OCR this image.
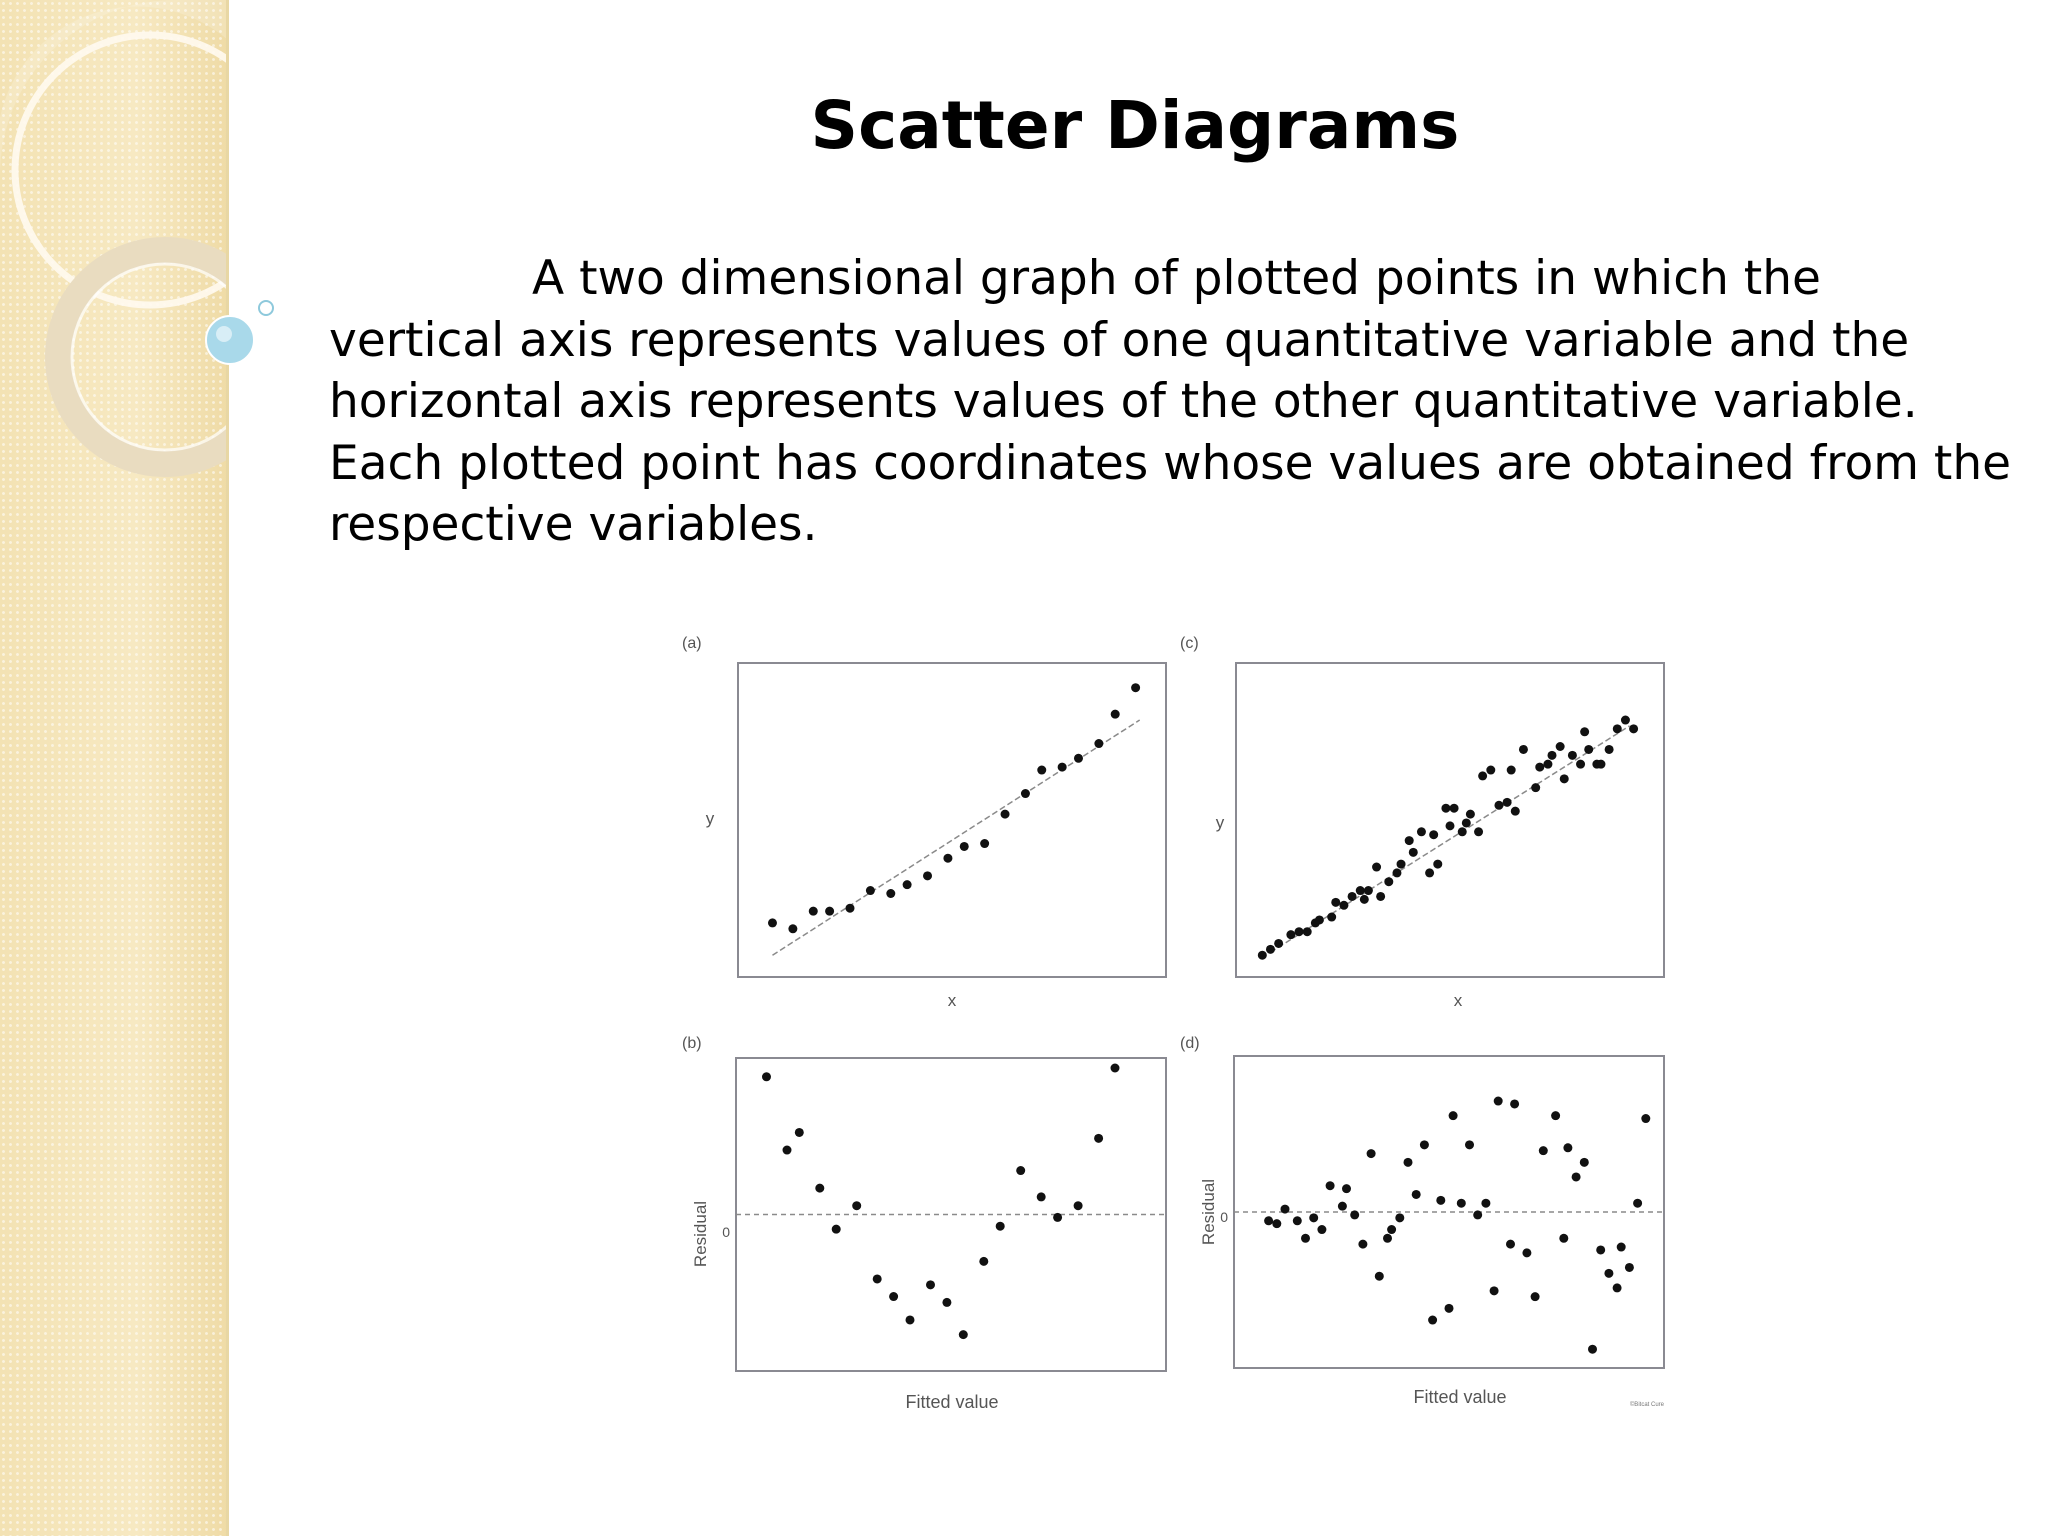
Scatter Diagrams
A two dimensional graph of plotted points in which the
vertical axis represents values of one quantitative variable and the
horizontal axis represents values of the other quantitative variable.
Each plotted point has coordinates whose values are obtained from the
respective variables.
(a)
y
x
(c)
y
x
(b)
0
Residual
Fitted value
(d)
0
Residual
Fitted value	©Bitcat Cure
